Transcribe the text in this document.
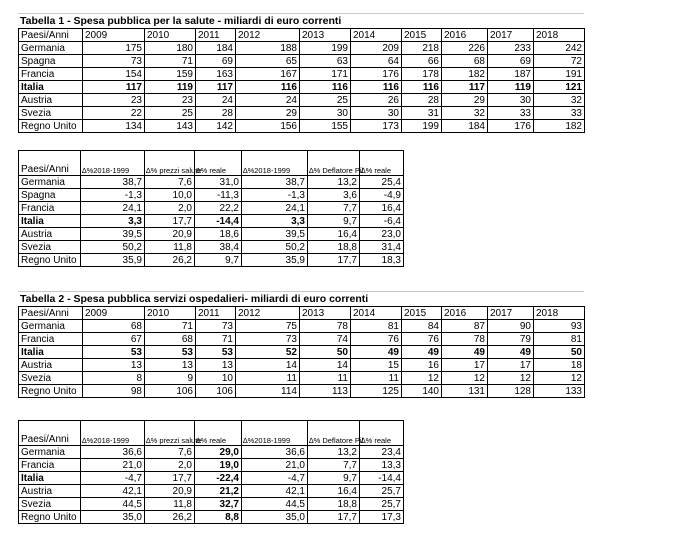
Tabella 1 - Spesa pubblica per la salute - miliardi di euro correnti
Paesi/Anni	2009	2010	2011	2012	2013	2014	2015	2016	2017	2018
Germania	175	180	184	188	199	209	218	226	233	242
Spagna	73	71	69	65	63	64	66	68	69	72
Francia	154	159	163	167	171	176	178	182	187	191
Italia	117	119	117	116	116	116	116	117	119	121
Austria	23	23	24	24	25	26	28	29	30	32
Svezia	22	25	28	29	30	30	31	32	33	33
Regno Unito	134	143	142	156	155	173	199	184	176	182
Paesi/Anni	∆%2018-1999	∆% prezzi salute	∆% reale	∆%2018-1999	∆% Deflatore Pil	∆% reale
Germania	38,7	7,6	31,0	38,7	13,2	25,4
Spagna	-1,3	10,0	-11,3	-1,3	3,6	-4,9
Francia	24,1	2,0	22,2	24,1	7,7	16,4
Italia	3,3	17,7	-14,4	3,3	9,7	-6,4
Austria	39,5	20,9	18,6	39,5	16,4	23,0
Svezia	50,2	11,8	38,4	50,2	18,8	31,4
Regno Unito	35,9	26,2	9,7	35,9	17,7	18,3
Tabella 2 - Spesa pubblica servizi ospedalieri- miliardi di euro correnti
Paesi/Anni	2009	2010	2011	2012	2013	2014	2015	2016	2017	2018
Germania	68	71	73	75	78	81	84	87	90	93
Francia	67	68	71	73	74	76	76	78	79	81
Italia	53	53	53	52	50	49	49	49	49	50
Austria	13	13	13	14	14	15	16	17	17	18
Svezia	8	9	10	11	11	11	12	12	12	12
Regno Unito	98	106	106	114	113	125	140	131	128	133
Paesi/Anni	∆%2018-1999	∆% prezzi salute	∆% reale	∆%2018-1999	∆% Deflatore Pil	∆% reale
Germania	36,6	7,6	29,0	36,6	13,2	23,4
Francia	21,0	2,0	19,0	21,0	7,7	13,3
Italia	-4,7	17,7	-22,4	-4,7	9,7	-14,4
Austria	42,1	20,9	21,2	42,1	16,4	25,7
Svezia	44,5	11,8	32,7	44,5	18,8	25,7
Regno Unito	35,0	26,2	8,8	35,0	17,7	17,3
